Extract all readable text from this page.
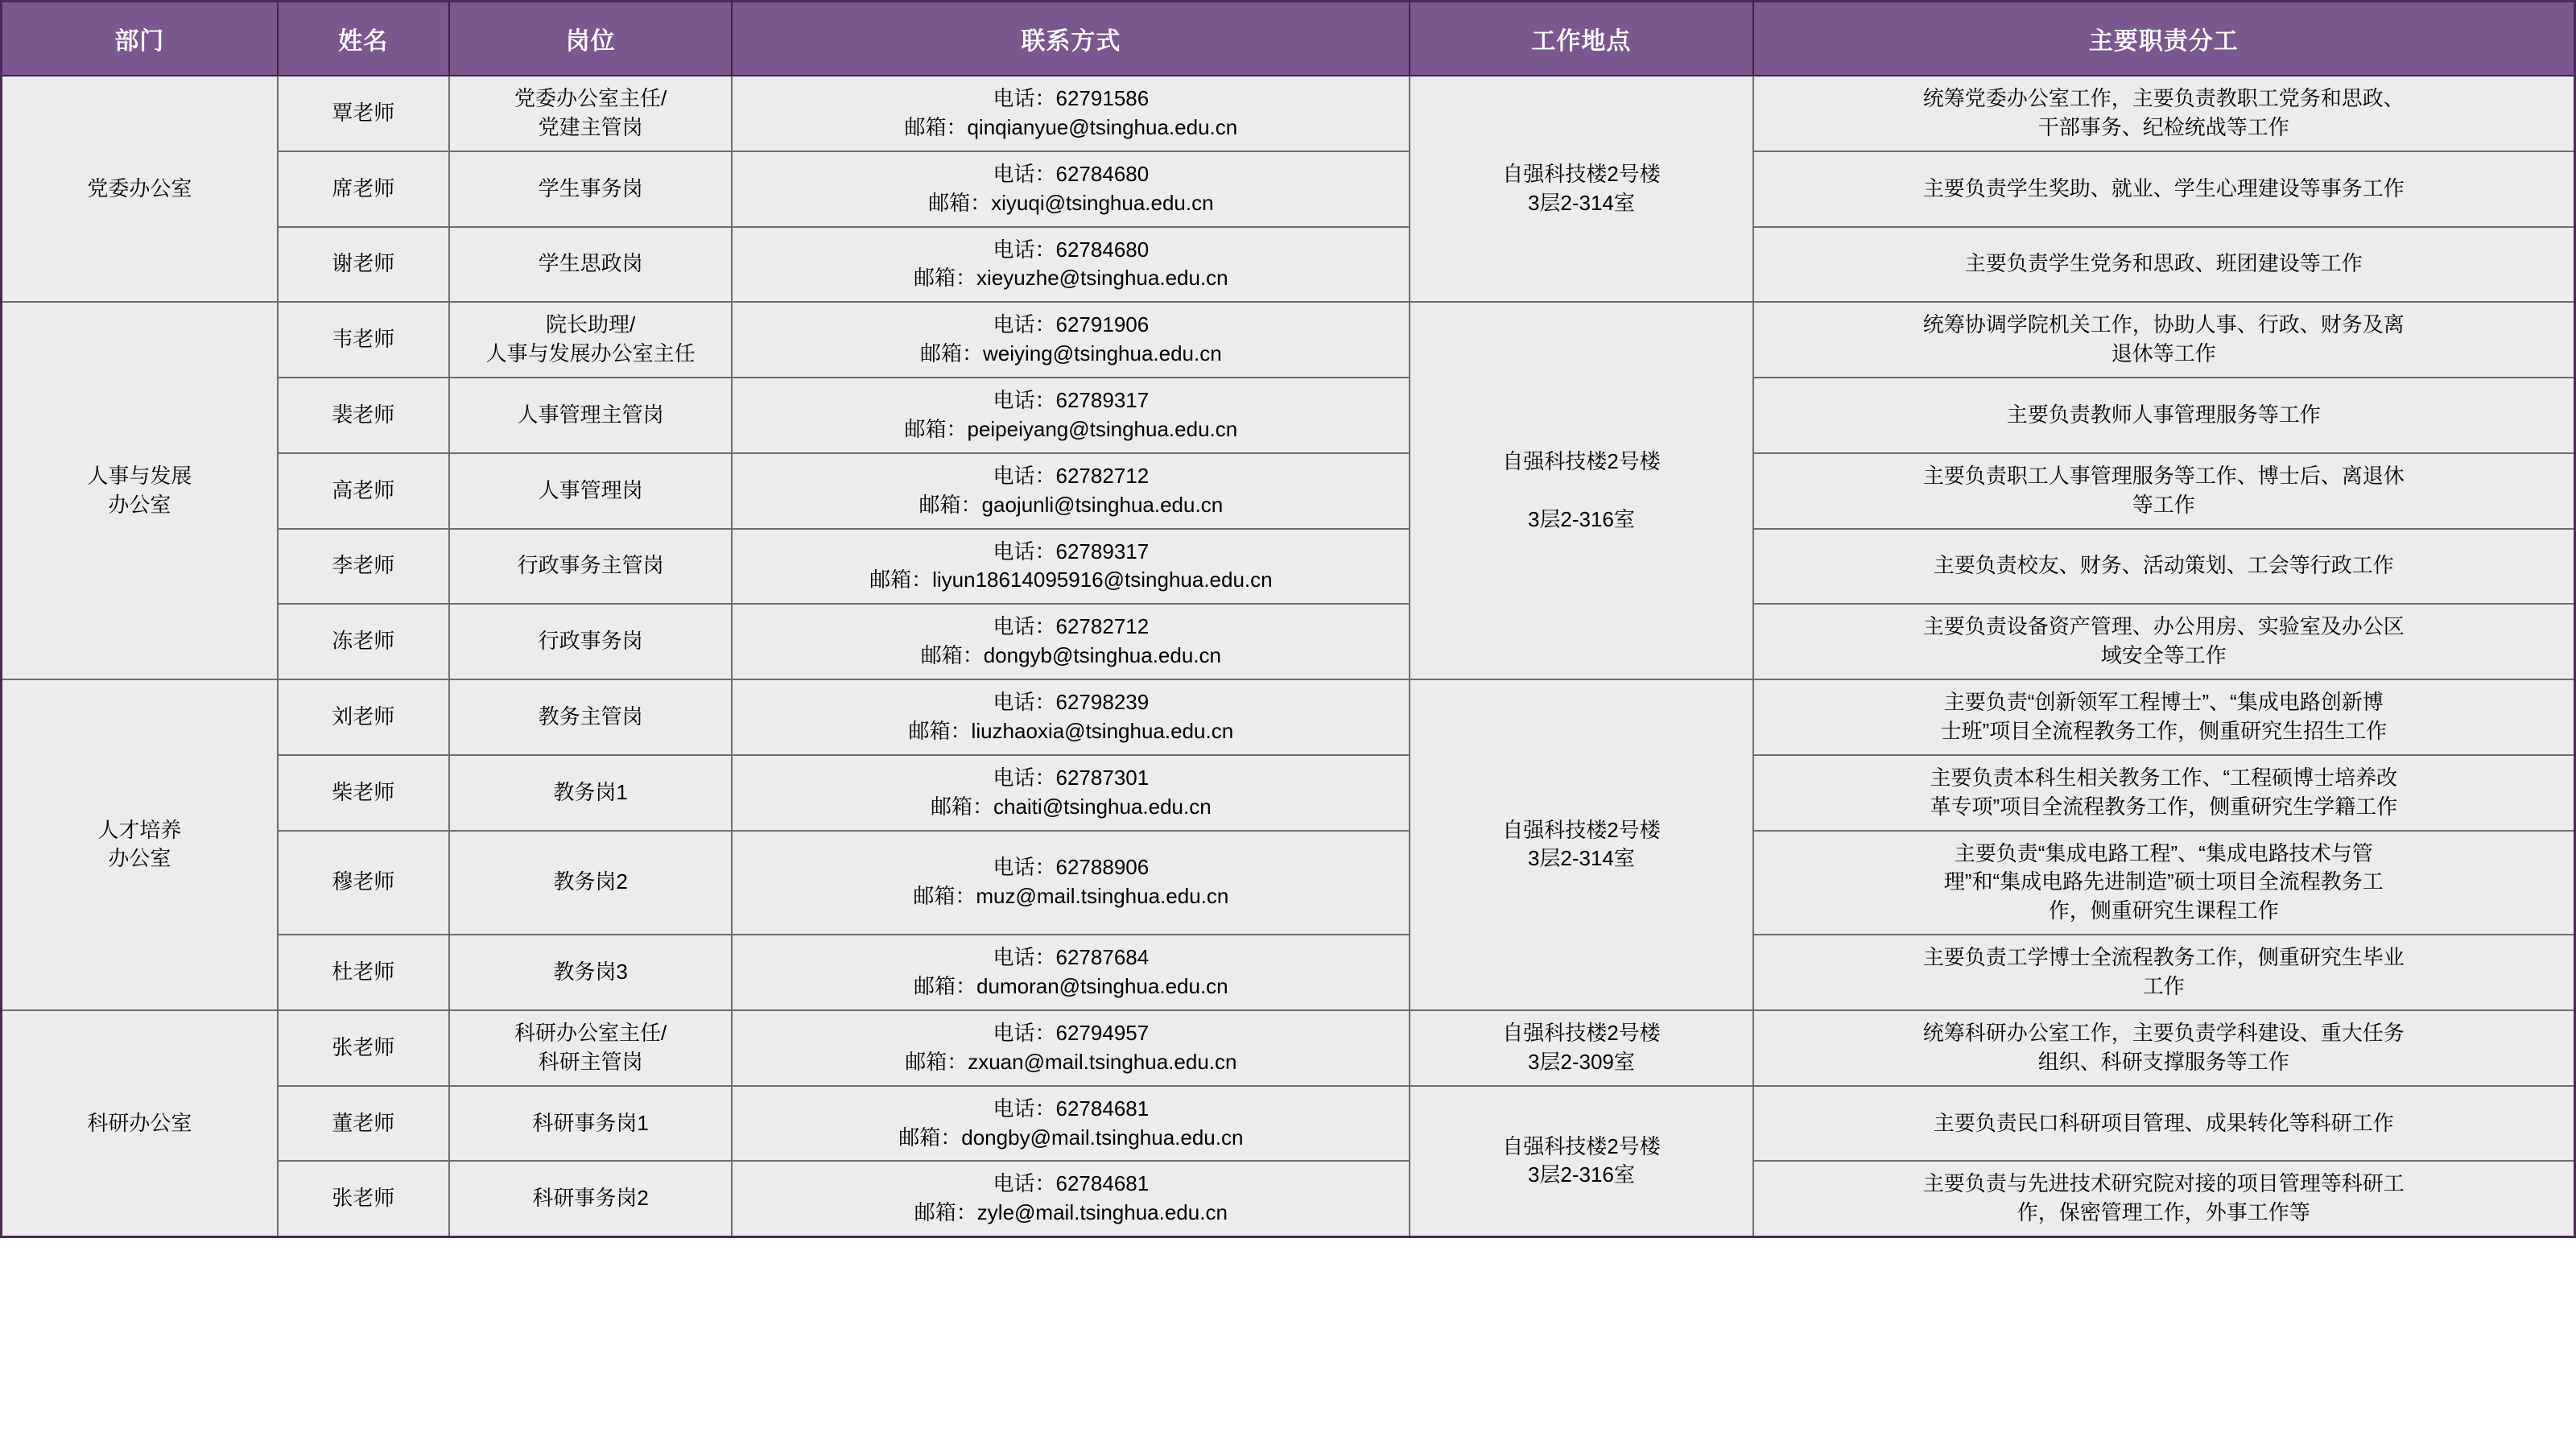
部门	姓名	岗位	联系方式	工作地点	主要职责分工

党委办公室	覃老师	党委办公室主任/
党建主管岗	电话：62791586
邮箱：qinqianyue@tsinghua.edu.cn	自强科技楼2号楼
3层2-314室	统筹党委办公室工作，主要负责教职工党务和思政、
干部事务、纪检统战等工作

	席老师	学生事务岗	电话：62784680
邮箱：xiyuqi@tsinghua.edu.cn		主要负责学生奖助、就业、学生心理建设等事务工作

	谢老师	学生思政岗	电话：62784680
邮箱：xieyuzhe@tsinghua.edu.cn		主要负责学生党务和思政、班团建设等工作

人事与发展
办公室	韦老师	院长助理/
人事与发展办公室主任	电话：62791906
邮箱：weiying@tsinghua.edu.cn	自强科技楼2号楼

3层2-316室	统筹协调学院机关工作，协助人事、行政、财务及离
退休等工作

	裴老师	人事管理主管岗	电话：62789317
邮箱：peipeiyang@tsinghua.edu.cn		主要负责教师人事管理服务等工作

	高老师	人事管理岗	电话：62782712
邮箱：gaojunli@tsinghua.edu.cn		主要负责职工人事管理服务等工作、博士后、离退休
等工作

	李老师	行政事务主管岗	电话：62789317
邮箱：liyun18614095916@tsinghua.edu.cn		主要负责校友、财务、活动策划、工会等行政工作

	冻老师	行政事务岗	电话：62782712
邮箱：dongyb@tsinghua.edu.cn		主要负责设备资产管理、办公用房、实验室及办公区
域安全等工作

人才培养
办公室	刘老师	教务主管岗	电话：62798239
邮箱：liuzhaoxia@tsinghua.edu.cn	自强科技楼2号楼
3层2-314室	主要负责“创新领军工程博士”、“集成电路创新博
士班”项目全流程教务工作，侧重研究生招生工作

	柴老师	教务岗1	电话：62787301
邮箱：chaiti@tsinghua.edu.cn		主要负责本科生相关教务工作、“工程硕博士培养改
革专项”项目全流程教务工作，侧重研究生学籍工作

	穆老师	教务岗2	电话：62788906
邮箱：muz@mail.tsinghua.edu.cn		主要负责“集成电路工程”、“集成电路技术与管
理”和“集成电路先进制造”硕士项目全流程教务工
作，侧重研究生课程工作

	杜老师	教务岗3	电话：62787684
邮箱：dumoran@tsinghua.edu.cn		主要负责工学博士全流程教务工作，侧重研究生毕业
工作

科研办公室	张老师	科研办公室主任/
科研主管岗	电话：62794957
邮箱：zxuan@mail.tsinghua.edu.cn	自强科技楼2号楼
3层2-309室	统筹科研办公室工作，主要负责学科建设、重大任务
组织、科研支撑服务等工作

	董老师	科研事务岗1	电话：62784681
邮箱：dongby@mail.tsinghua.edu.cn	自强科技楼2号楼
3层2-316室	主要负责民口科研项目管理、成果转化等科研工作

	张老师	科研事务岗2	电话：62784681
邮箱：zyle@mail.tsinghua.edu.cn		主要负责与先进技术研究院对接的项目管理等科研工
作，保密管理工作，外事工作等
